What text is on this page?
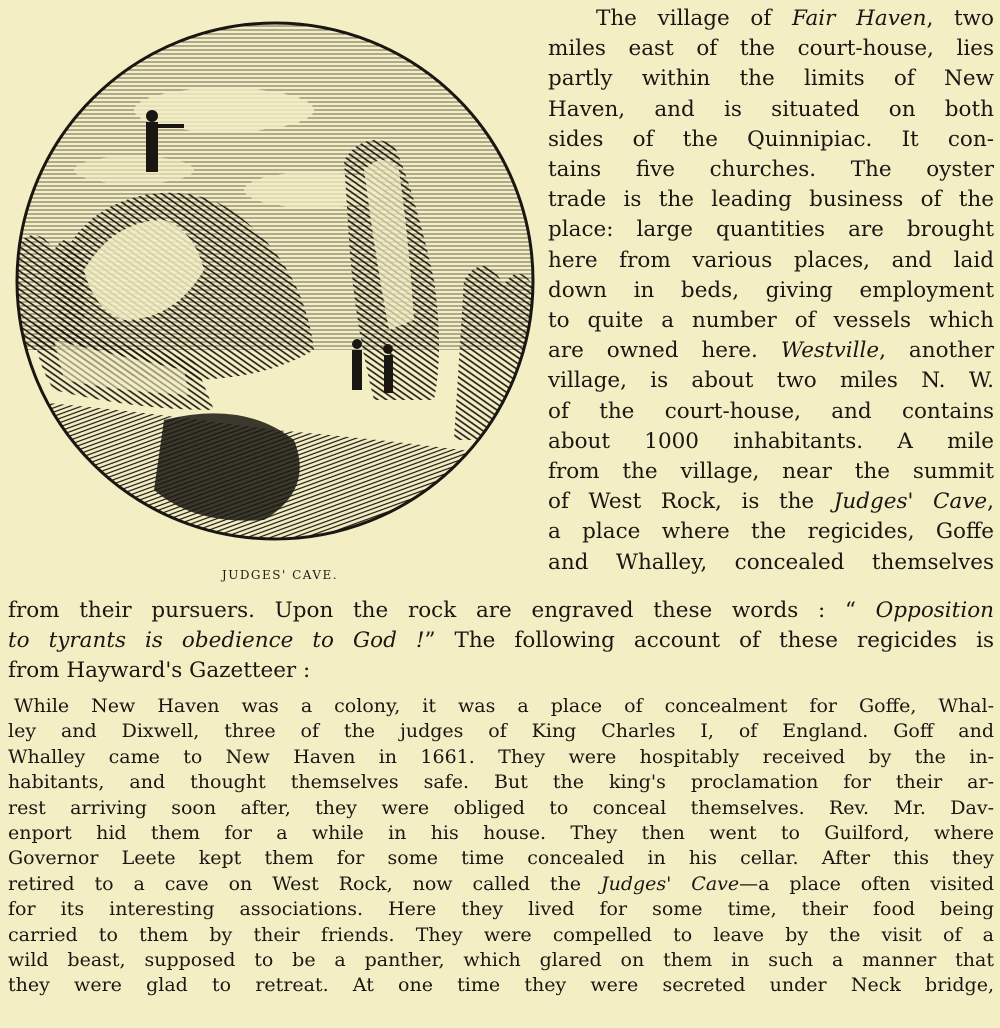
JUDGES' CAVE.
The village of Fair Haven, two
miles east of the court-house, lies
partly within the limits of New
Haven, and is situated on both
sides of the Quinnipiac. It con-
tains five churches. The oyster
trade is the leading business of the
place: large quantities are brought
here from various places, and laid
down in beds, giving employment
to quite a number of vessels which
are owned here. Westville, another
village, is about two miles N. W.
of the court-house, and contains
about 1000 inhabitants. A mile
from the village, near the summit
of West Rock, is the Judges' Cave,
a place where the regicides, Goffe
and Whalley, concealed themselves
from their pursuers. Upon the rock are engraved these words : “ Opposition
to tyrants is obedience to God !” The following account of these regicides is
from Hayward's Gazetteer :
While New Haven was a colony, it was a place of concealment for Goffe, Whal-
ley and Dixwell, three of the judges of King Charles I, of England. Goff and
Whalley came to New Haven in 1661. They were hospitably received by the in-
habitants, and thought themselves safe. But the king's proclamation for their ar-
rest arriving soon after, they were obliged to conceal themselves. Rev. Mr. Dav-
enport hid them for a while in his house. They then went to Guilford, where
Governor Leete kept them for some time concealed in his cellar. After this they
retired to a cave on West Rock, now called the Judges' Cave—a place often visited
for its interesting associations. Here they lived for some time, their food being
carried to them by their friends. They were compelled to leave by the visit of a
wild beast, supposed to be a panther, which glared on them in such a manner that
they were glad to retreat. At one time they were secreted under Neck bridge,
